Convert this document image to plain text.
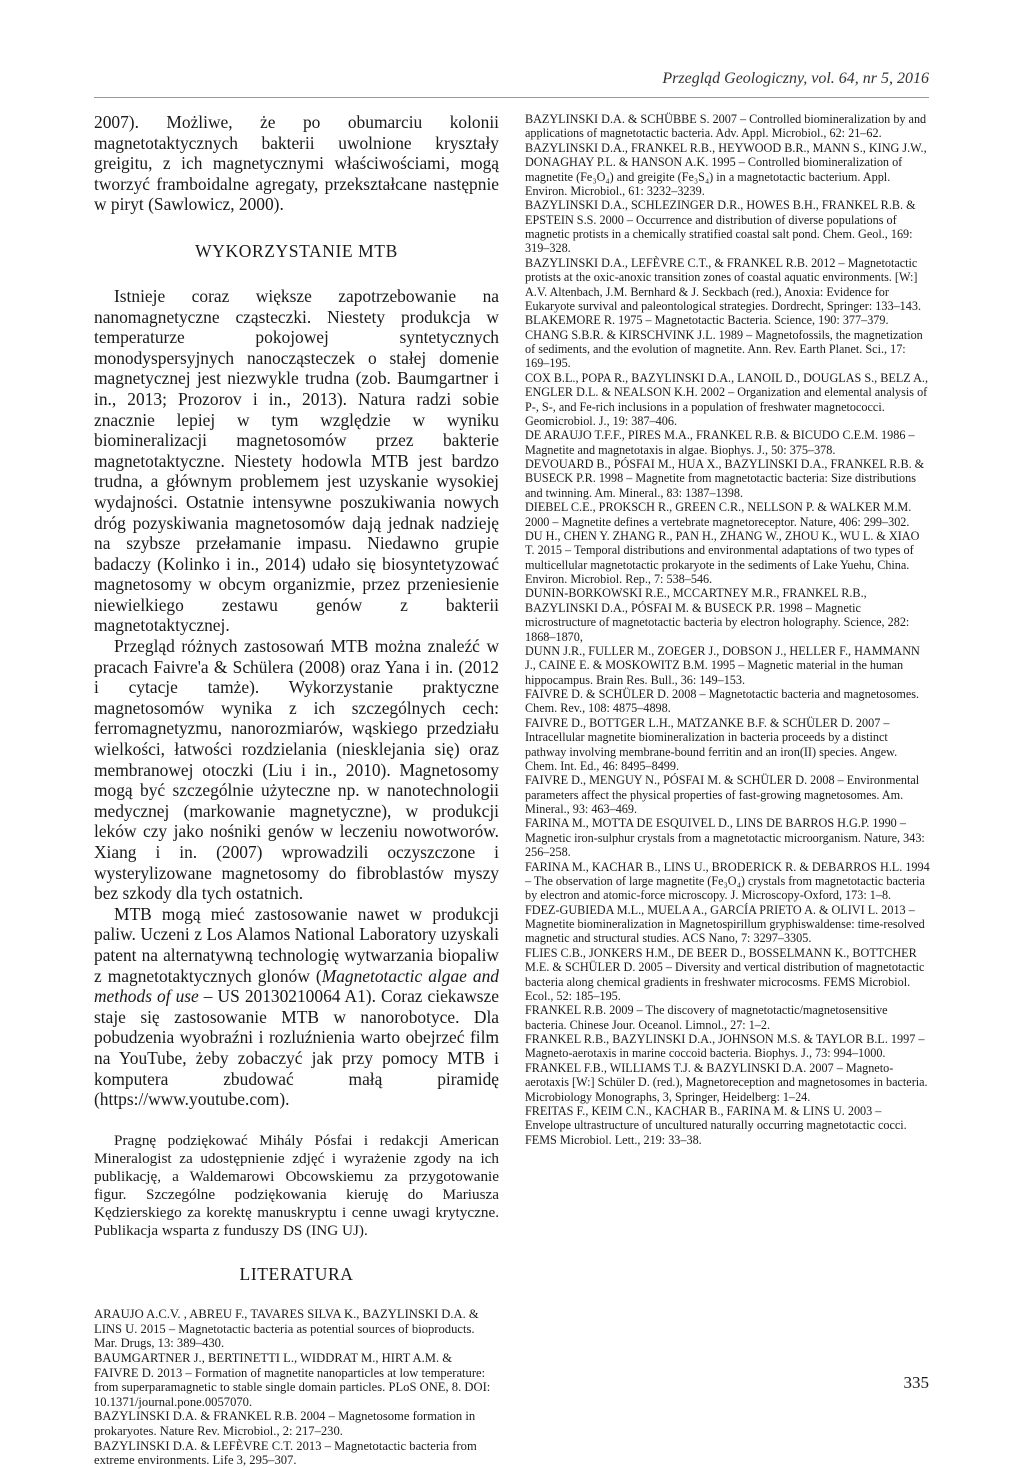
Przegląd Geologiczny, vol. 64, nr 5, 2016

2007). Możliwe, że po obumarciu kolonii magnetotaktycznych bakterii uwolnione kryształy greigitu, z ich magnetycznymi właściwościami, mogą tworzyć framboidalne agregaty, przekształcane następnie w piryt (Sawlowicz, 2000).

WYKORZYSTANIE MTB

Istnieje coraz większe zapotrzebowanie na nanomagnetyczne cząsteczki. Niestety produkcja w temperaturze pokojowej syntetycznych monodyspersyjnych nanocząsteczek o stałej domenie magnetycznej jest niezwykle trudna (zob. Baumgartner i in., 2013; Prozorov i in., 2013). Natura radzi sobie znacznie lepiej w tym względzie w wyniku biomineralizacji magnetosomów przez bakterie magnetotaktyczne. Niestety hodowla MTB jest bardzo trudna, a głównym problemem jest uzyskanie wysokiej wydajności. Ostatnie intensywne poszukiwania nowych dróg pozyskiwania magnetosomów dają jednak nadzieję na szybsze przełamanie impasu. Niedawno grupie badaczy (Kolinko i in., 2014) udało się biosyntetyzować magnetosomy w obcym organizmie, przez przeniesienie niewielkiego zestawu genów z bakterii magnetotaktycznej.

Przegląd różnych zastosowań MTB można znaleźć w pracach Faivre'a & Schülera (2008) oraz Yana i in. (2012 i cytacje tamże). Wykorzystanie praktyczne magnetosomów wynika z ich szczególnych cech: ferromagnetyzmu, nanorozmiarów, wąskiego przedziału wielkości, łatwości rozdzielania (niesklejania się) oraz membranowej otoczki (Liu i in., 2010). Magnetosomy mogą być szczególnie użyteczne np. w nanotechnologii medycznej (markowanie magnetyczne), w produkcji leków czy jako nośniki genów w leczeniu nowotworów. Xiang i in. (2007) wprowadzili oczyszczone i wysterylizowane magnetosomy do fibroblastów myszy bez szkody dla tych ostatnich.

MTB mogą mieć zastosowanie nawet w produkcji paliw. Uczeni z Los Alamos National Laboratory uzyskali patent na alternatywną technologię wytwarzania biopaliw z magnetotaktycznych glonów (Magnetotactic algae and methods of use – US 20130210064 A1). Coraz ciekawsze staje się zastosowanie MTB w nanorobotyce. Dla pobudzenia wyobraźni i rozluźnienia warto obejrzeć film na YouTube, żeby zobaczyć jak przy pomocy MTB i komputera zbudować małą piramidę (https://www.youtube.com).

Pragnę podziękować Mihály Pósfai i redakcji American Mineralogist za udostępnienie zdjęć i wyrażenie zgody na ich publikację, a Waldemarowi Obcowskiemu za przygotowanie figur. Szczególne podziękowania kieruję do Mariusza Kędzierskiego za korektę manuskryptu i cenne uwagi krytyczne. Publikacja wsparta z funduszy DS (ING UJ).

LITERATURA

ARAUJO A.C.V. , ABREU F., TAVARES SILVA K., BAZYLINSKI D.A. & LINS U. 2015 – Magnetotactic bacteria as potential sources of bioproducts. Mar. Drugs, 13: 389–430.

BAUMGARTNER J., BERTINETTI L., WIDDRAT M., HIRT A.M. & FAIVRE D. 2013 – Formation of magnetite nanoparticles at low temperature: from superparamagnetic to stable single domain particles. PLoS ONE, 8. DOI: 10.1371/journal.pone.0057070.

BAZYLINSKI D.A. & FRANKEL R.B. 2004 – Magnetosome formation in prokaryotes. Nature Rev. Microbiol., 2: 217–230.

BAZYLINSKI D.A. & LEFÈVRE C.T. 2013 – Magnetotactic bacteria from extreme environments. Life 3, 295–307.

BAZYLINSKI D.A. & SCHÜBBE S. 2007 – Controlled biomineralization by and applications of magnetotactic bacteria. Adv. Appl. Microbiol., 62: 21–62.

BAZYLINSKI D.A., FRANKEL R.B., HEYWOOD B.R., MANN S., KING J.W., DONAGHAY P.L. & HANSON A.K. 1995 – Controlled biomineralization of magnetite (Fe₃O₄) and greigite (Fe₃S₄) in a magnetotactic bacterium. Appl. Environ. Microbiol., 61: 3232–3239.

BAZYLINSKI D.A., SCHLEZINGER D.R., HOWES B.H., FRANKEL R.B. & EPSTEIN S.S. 2000 – Occurrence and distribution of diverse populations of magnetic protists in a chemically stratified coastal salt pond. Chem. Geol., 169: 319–328.

BAZYLINSKI D.A., LEFÈVRE C.T., & FRANKEL R.B. 2012 – Magnetotactic protists at the oxic-anoxic transition zones of coastal aquatic environments. [W:] A.V. Altenbach, J.M. Bernhard & J. Seckbach (red.), Anoxia: Evidence for Eukaryote survival and paleontological strategies. Dordrecht, Springer: 133–143.

BLAKEMORE R. 1975 – Magnetotactic Bacteria. Science, 190: 377–379.

CHANG S.B.R. & KIRSCHVINK J.L. 1989 – Magnetofossils, the magnetization of sediments, and the evolution of magnetite. Ann. Rev. Earth Planet. Sci., 17: 169–195.

COX B.L., POPA R., BAZYLINSKI D.A., LANOIL D., DOUGLAS S., BELZ A., ENGLER D.L. & NEALSON K.H. 2002 – Organization and elemental analysis of P-, S-, and Fe-rich inclusions in a population of freshwater magnetococci. Geomicrobiol. J., 19: 387–406.

DE ARAUJO T.F.F., PIRES M.A., FRANKEL R.B. & BICUDO C.E.M. 1986 – Magnetite and magnetotaxis in algae. Biophys. J., 50: 375–378.

DEVOUARD B., PÓSFAI M., HUA X., BAZYLINSKI D.A., FRANKEL R.B. & BUSECK P.R. 1998 – Magnetite from magnetotactic bacteria: Size distributions and twinning. Am. Mineral., 83: 1387–1398.

DIEBEL C.E., PROKSCH R., GREEN C.R., NELLSON P. & WALKER M.M. 2000 – Magnetite defines a vertebrate magnetoreceptor. Nature, 406: 299–302.

DU H., CHEN Y. ZHANG R., PAN H., ZHANG W., ZHOU K., WU L. & XIAO T. 2015 – Temporal distributions and environmental adaptations of two types of multicellular magnetotactic prokaryote in the sediments of Lake Yuehu, China. Environ. Microbiol. Rep., 7: 538–546.

DUNIN-BORKOWSKI R.E., MCCARTNEY M.R., FRANKEL R.B., BAZYLINSKI D.A., PÓSFAI M. & BUSECK P.R. 1998 – Magnetic microstructure of magnetotactic bacteria by electron holography. Science, 282: 1868–1870,

DUNN J.R., FULLER M., ZOEGER J., DOBSON J., HELLER F., HAMMANN J., CAINE E. & MOSKOWITZ B.M. 1995 – Magnetic material in the human hippocampus. Brain Res. Bull., 36: 149–153.

FAIVRE D. & SCHÜLER D. 2008 – Magnetotactic bacteria and magnetosomes. Chem. Rev., 108: 4875–4898.

FAIVRE D., BOTTGER L.H., MATZANKE B.F. & SCHÜLER D. 2007 – Intracellular magnetite biomineralization in bacteria proceeds by a distinct pathway involving membrane-bound ferritin and an iron(II) species. Angew. Chem. Int. Ed., 46: 8495–8499.

FAIVRE D., MENGUY N., PÓSFAI M. & SCHÜLER D. 2008 – Environmental parameters affect the physical properties of fast-growing magnetosomes. Am. Mineral., 93: 463–469.

FARINA M., MOTTA DE ESQUIVEL D., LINS DE BARROS H.G.P. 1990 – Magnetic iron-sulphur crystals from a magnetotactic microorganism. Nature, 343: 256–258.

FARINA M., KACHAR B., LINS U., BRODERICK R. & DEBARROS H.L. 1994 – The observation of large magnetite (Fe₃O₄) crystals from magnetotactic bacteria by electron and atomic-force microscopy. J. Microscopy-Oxford, 173: 1–8.

FDEZ-GUBIEDA M.L., MUELA A., GARCÍA PRIETO A. & OLIVI L. 2013 – Magnetite biomineralization in Magnetospirillum gryphiswaldense: time-resolved magnetic and structural studies. ACS Nano, 7: 3297–3305.

FLIES C.B., JONKERS H.M., DE BEER D., BOSSELMANN K., BOTTCHER M.E. & SCHÜLER D. 2005 – Diversity and vertical distribution of magnetotactic bacteria along chemical gradients in freshwater microcosms. FEMS Microbiol. Ecol., 52: 185–195.

FRANKEL R.B. 2009 – The discovery of magnetotactic/magnetosensitive bacteria. Chinese Jour. Oceanol. Limnol., 27: 1–2.

FRANKEL R.B., BAZYLINSKI D.A., JOHNSON M.S. & TAYLOR B.L. 1997 – Magneto-aerotaxis in marine coccoid bacteria. Biophys. J., 73: 994–1000.

FRANKEL F.B., WILLIAMS T.J. & BAZYLINSKI D.A. 2007 – Magneto-aerotaxis [W:] Schüler D. (red.), Magnetoreception and magnetosomes in bacteria. Microbiology Monographs, 3, Springer, Heidelberg: 1–24.

FREITAS F., KEIM C.N., KACHAR B., FARINA M. & LINS U. 2003 – Envelope ultrastructure of uncultured naturally occurring magnetotactic cocci. FEMS Microbiol. Lett., 219: 33–38.

335
